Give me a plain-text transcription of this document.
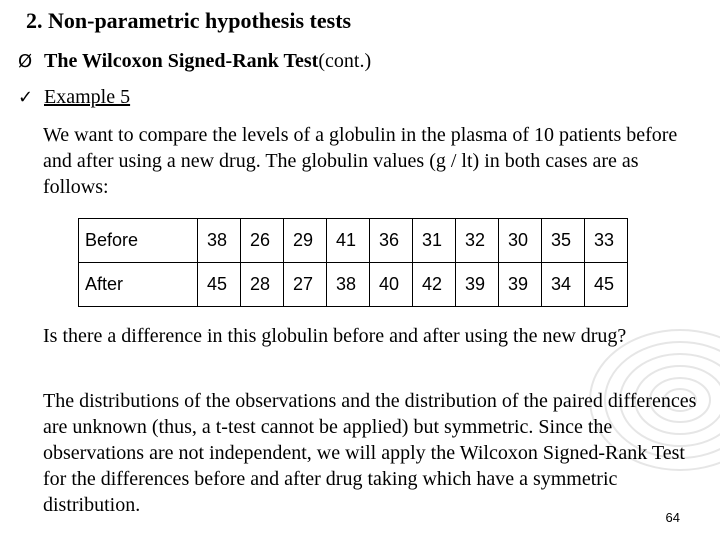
2. Non-parametric hypothesis tests
Ø The Wilcoxon Signed-Rank Test (cont.)
✓ Example 5
We want to compare the levels of a globulin in the plasma of 10 patients before and after using a new drug. The globulin values (g / lt) in both cases are as follows:
Before	38	26	29	41	36	31	32	30	35	33
After	45	28	27	38	40	42	39	39	34	45
Is there a difference in this globulin before and after using the new drug?
The distributions of the observations and the distribution of the paired differences are unknown (thus, a t-test cannot be applied) but symmetric. Since the observations are not independent, we will apply the Wilcoxon Signed-Rank Test for the differences before and after drug taking which have a symmetric distribution.
64
